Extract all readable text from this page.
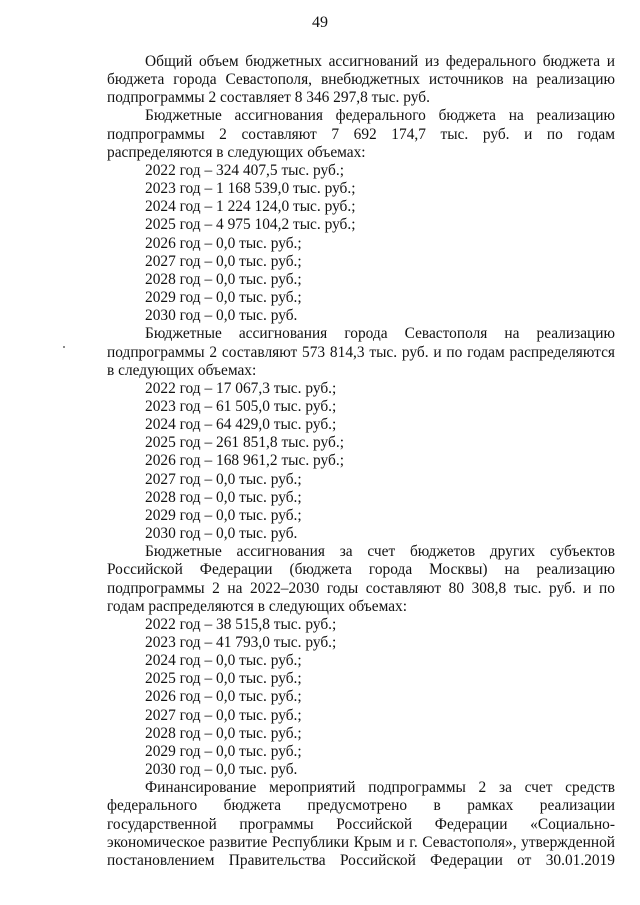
49

Общий объем бюджетных ассигнований из федерального бюджета и бюджета города Севастополя, внебюджетных источников на реализацию подпрограммы 2 составляет 8 346 297,8 тыс. руб.

Бюджетные ассигнования федерального бюджета на реализацию подпрограммы 2 составляют 7 692 174,7 тыс. руб. и по годам распределяются в следующих объемах:

2022 год – 324 407,5 тыс. руб.;
2023 год – 1 168 539,0 тыс. руб.;
2024 год – 1 224 124,0 тыс. руб.;
2025 год – 4 975 104,2 тыс. руб.;
2026 год – 0,0 тыс. руб.;
2027 год – 0,0 тыс. руб.;
2028 год – 0,0 тыс. руб.;
2029 год – 0,0 тыс. руб.;
2030 год – 0,0 тыс. руб.

Бюджетные ассигнования города Севастополя на реализацию подпрограммы 2 составляют 573 814,3 тыс. руб. и по годам распределяются в следующих объемах:

2022 год – 17 067,3 тыс. руб.;
2023 год – 61 505,0 тыс. руб.;
2024 год – 64 429,0 тыс. руб.;
2025 год – 261 851,8 тыс. руб.;
2026 год – 168 961,2 тыс. руб.;
2027 год – 0,0 тыс. руб.;
2028 год – 0,0 тыс. руб.;
2029 год – 0,0 тыс. руб.;
2030 год – 0,0 тыс. руб.

Бюджетные ассигнования за счет бюджетов других субъектов Российской Федерации (бюджета города Москвы) на реализацию подпрограммы 2 на 2022–2030 годы составляют 80 308,8 тыс. руб. и по годам распределяются в следующих объемах:

2022 год – 38 515,8 тыс. руб.;
2023 год – 41 793,0 тыс. руб.;
2024 год – 0,0 тыс. руб.;
2025 год – 0,0 тыс. руб.;
2026 год – 0,0 тыс. руб.;
2027 год – 0,0 тыс. руб.;
2028 год – 0,0 тыс. руб.;
2029 год – 0,0 тыс. руб.;
2030 год – 0,0 тыс. руб.

Финансирование мероприятий подпрограммы 2 за счет средств федерального бюджета предусмотрено в рамках реализации государственной программы Российской Федерации «Социально-экономическое развитие Республики Крым и г. Севастополя», утвержденной постановлением Правительства Российской Федерации от 30.01.2019
